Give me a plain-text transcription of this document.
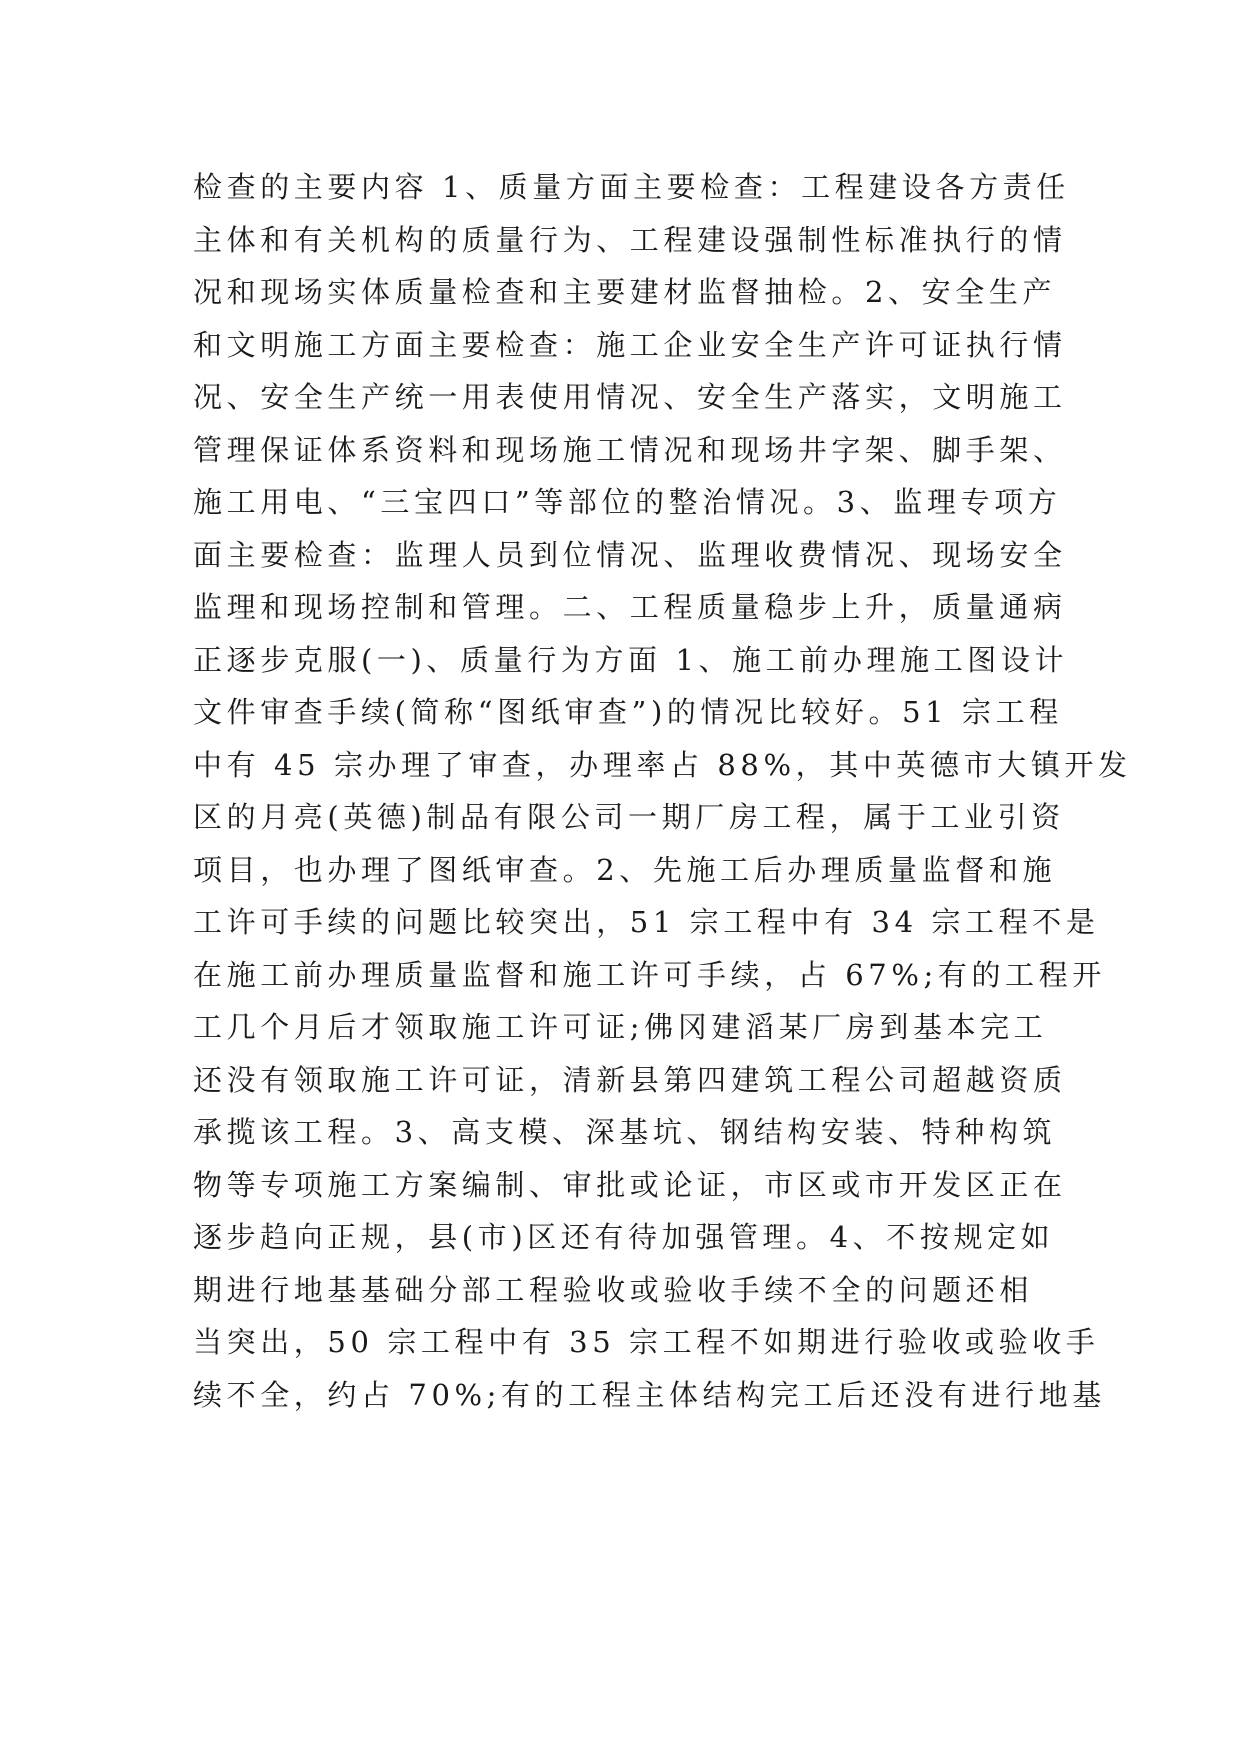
检查的主要内容 1、质量方面主要检查：工程建设各方责任
主体和有关机构的质量行为、工程建设强制性标准执行的情
况和现场实体质量检查和主要建材监督抽检。2、安全生产
和文明施工方面主要检查：施工企业安全生产许可证执行情
况、安全生产统一用表使用情况、安全生产落实，文明施工
管理保证体系资料和现场施工情况和现场井字架、脚手架、
施工用电、“三宝四口”等部位的整治情况。3、监理专项方
面主要检查：监理人员到位情况、监理收费情况、现场安全
监理和现场控制和管理。二、工程质量稳步上升，质量通病
正逐步克服(一)、质量行为方面 1、施工前办理施工图设计
文件审查手续(简称“图纸审查”)的情况比较好。51 宗工程
中有 45 宗办理了审查，办理率占 88%，其中英德市大镇开发
区的月亮(英德)制品有限公司一期厂房工程，属于工业引资
项目，也办理了图纸审查。2、先施工后办理质量监督和施
工许可手续的问题比较突出，51 宗工程中有 34 宗工程不是
在施工前办理质量监督和施工许可手续，占 67%;有的工程开
工几个月后才领取施工许可证;佛冈建滔某厂房到基本完工
还没有领取施工许可证，清新县第四建筑工程公司超越资质
承揽该工程。3、高支模、深基坑、钢结构安装、特种构筑
物等专项施工方案编制、审批或论证，市区或市开发区正在
逐步趋向正规，县(市)区还有待加强管理。4、不按规定如
期进行地基基础分部工程验收或验收手续不全的问题还相
当突出，50 宗工程中有 35 宗工程不如期进行验收或验收手
续不全，约占 70%;有的工程主体结构完工后还没有进行地基
